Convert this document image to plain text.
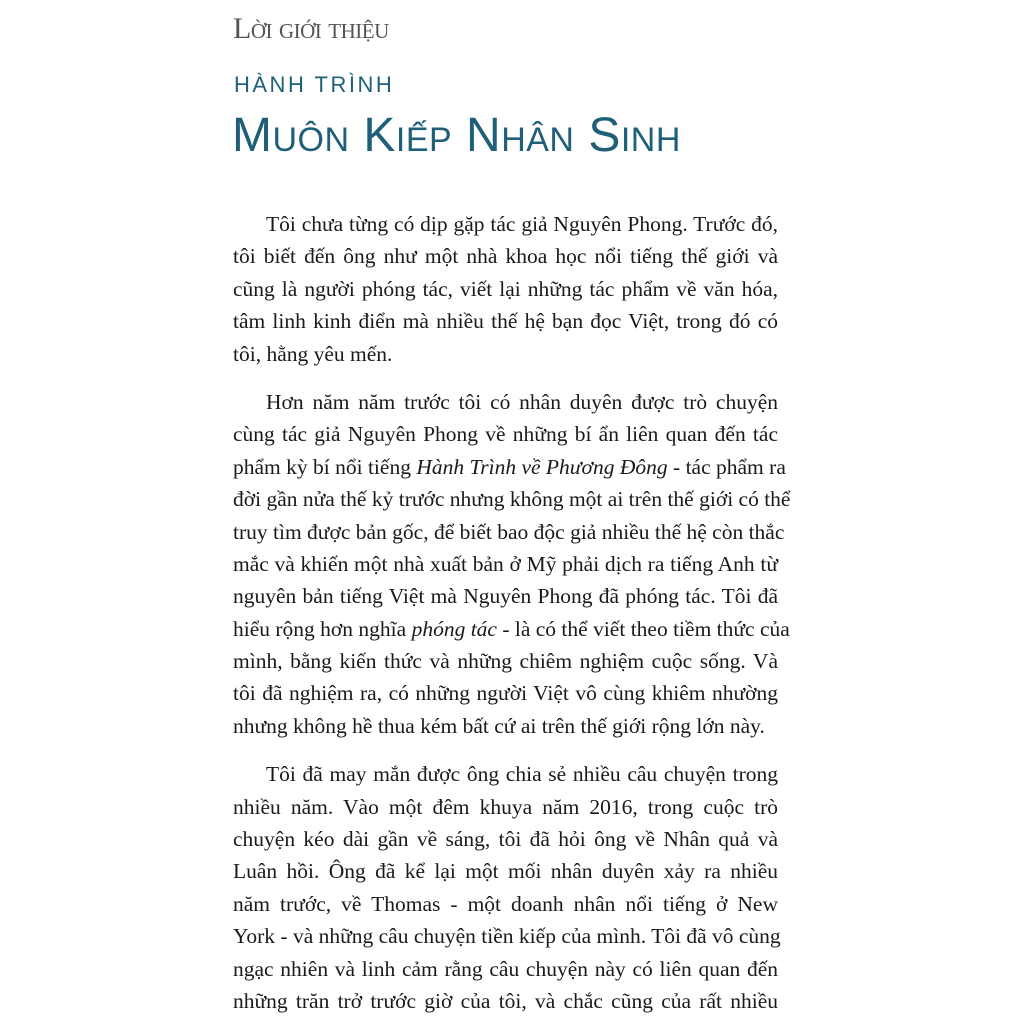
Lời giới thiệu
HÀNH TRÌNH
Muôn Kiếp Nhân Sinh
Tôi chưa từng có dịp gặp tác giả Nguyên Phong. Trước đó,
tôi biết đến ông như một nhà khoa học nổi tiếng thế giới và
cũng là người phóng tác, viết lại những tác phẩm về văn hóa,
tâm linh kinh điển mà nhiều thế hệ bạn đọc Việt, trong đó có
tôi, hằng yêu mến.
Hơn năm năm trước tôi có nhân duyên được trò chuyện
cùng tác giả Nguyên Phong về những bí ẩn liên quan đến tác
phẩm kỳ bí nổi tiếng Hành Trình về Phương Đông - tác phẩm ra
đời gần nửa thế kỷ trước nhưng không một ai trên thế giới có thể
truy tìm được bản gốc, để biết bao độc giả nhiều thế hệ còn thắc
mắc và khiến một nhà xuất bản ở Mỹ phải dịch ra tiếng Anh từ
nguyên bản tiếng Việt mà Nguyên Phong đã phóng tác. Tôi đã
hiểu rộng hơn nghĩa phóng tác - là có thể viết theo tiềm thức của
mình, bằng kiến thức và những chiêm nghiệm cuộc sống. Và
tôi đã nghiệm ra, có những người Việt vô cùng khiêm nhường
nhưng không hề thua kém bất cứ ai trên thế giới rộng lớn này.
Tôi đã may mắn được ông chia sẻ nhiều câu chuyện trong
nhiều năm. Vào một đêm khuya năm 2016, trong cuộc trò
chuyện kéo dài gần về sáng, tôi đã hỏi ông về Nhân quả và
Luân hồi. Ông đã kể lại một mối nhân duyên xảy ra nhiều
năm trước, về Thomas - một doanh nhân nổi tiếng ở New
York - và những câu chuyện tiền kiếp của mình. Tôi đã vô cùng
ngạc nhiên và linh cảm rằng câu chuyện này có liên quan đến
những trăn trở trước giờ của tôi, và chắc cũng của rất nhiều
